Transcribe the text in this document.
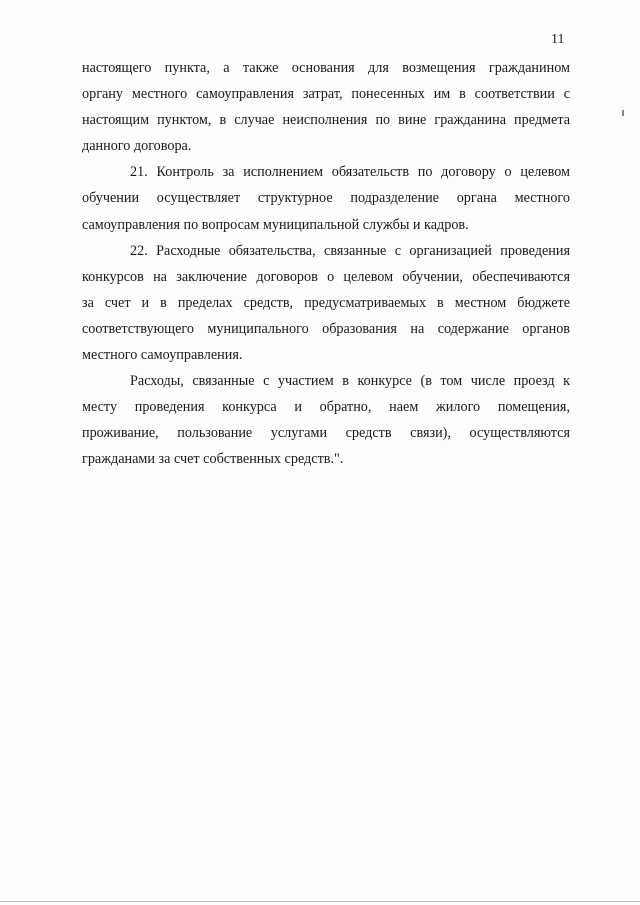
11
настоящего пункта, а также основания для возмещения гражданином
органу местного самоуправления затрат, понесенных им в соответствии с
настоящим пунктом, в случае неисполнения по вине гражданина предмета
данного договора.
21. Контроль за исполнением обязательств по договору о целевом
обучении осуществляет структурное подразделение органа местного
самоуправления по вопросам муниципальной службы и кадров.
22. Расходные обязательства, связанные с организацией проведения
конкурсов на заключение договоров о целевом обучении, обеспечиваются
за счет и в пределах средств, предусматриваемых в местном бюджете
соответствующего муниципального образования на содержание органов
местного самоуправления.
Расходы, связанные с участием в конкурсе (в том числе проезд к
месту проведения конкурса и обратно, наем жилого помещения,
проживание, пользование услугами средств связи), осуществляются
гражданами за счет собственных средств.".
